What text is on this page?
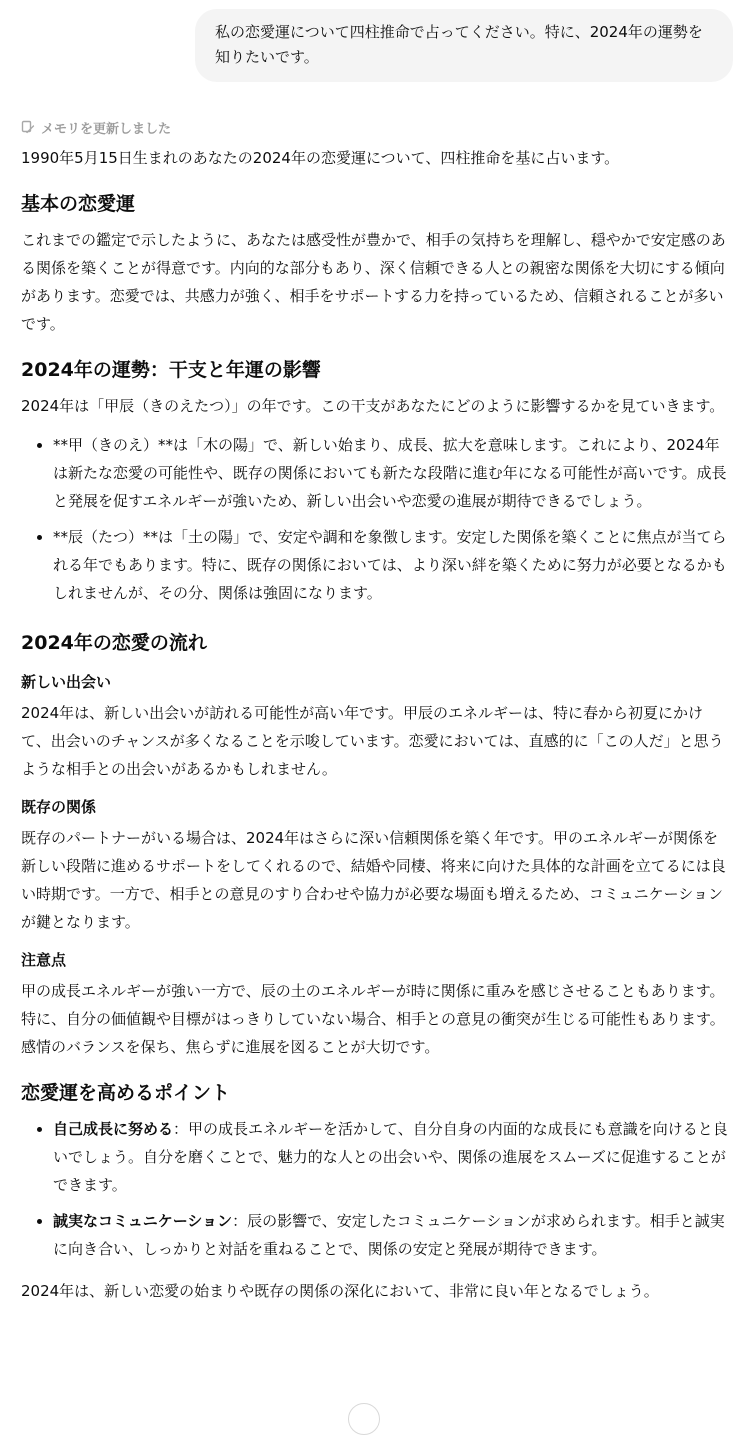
私の恋愛運について四柱推命で占ってください。特に、2024年の運勢を知りたいです。
メモリを更新しました

1990年5月15日生まれのあなたの2024年の恋愛運について、四柱推命を基に占います。

基本の恋愛運

これまでの鑑定で示したように、あなたは感受性が豊かで、相手の気持ちを理解し、穏やかで安定感のある関係を築くことが得意です。内向的な部分もあり、深く信頼できる人との親密な関係を大切にする傾向があります。恋愛では、共感力が強く、相手をサポートする力を持っているため、信頼されることが多いです。

2024年の運勢：干支と年運の影響

2024年は「甲辰（きのえたつ）」の年です。この干支があなたにどのように影響するかを見ていきます。

• **甲（きのえ）**は「木の陽」で、新しい始まり、成長、拡大を意味します。これにより、2024年は新たな恋愛の可能性や、既存の関係においても新たな段階に進む年になる可能性が高いです。成長と発展を促すエネルギーが強いため、新しい出会いや恋愛の進展が期待できるでしょう。
• **辰（たつ）**は「土の陽」で、安定や調和を象徴します。安定した関係を築くことに焦点が当てられる年でもあります。特に、既存の関係においては、より深い絆を築くために努力が必要となるかもしれませんが、その分、関係は強固になります。
2024年の恋愛の流れ
新しい出会い

2024年は、新しい出会いが訪れる可能性が高い年です。甲辰のエネルギーは、特に春から初夏にかけて、出会いのチャンスが多くなることを示唆しています。恋愛においては、直感的に「この人だ」と思うような相手との出会いがあるかもしれません。

既存の関係

既存のパートナーがいる場合は、2024年はさらに深い信頼関係を築く年です。甲のエネルギーが関係を新しい段階に進めるサポートをしてくれるので、結婚や同棲、将来に向けた具体的な計画を立てるには良い時期です。一方で、相手との意見のすり合わせや協力が必要な場面も増えるため、コミュニケーションが鍵となります。

注意点

甲の成長エネルギーが強い一方で、辰の土のエネルギーが時に関係に重みを感じさせることもあります。特に、自分の価値観や目標がはっきりしていない場合、相手との意見の衝突が生じる可能性もあります。感情のバランスを保ち、焦らずに進展を図ることが大切です。

恋愛運を高めるポイント
• 自己成長に努める：甲の成長エネルギーを活かして、自分自身の内面的な成長にも意識を向けると良いでしょう。自分を磨くことで、魅力的な人との出会いや、関係の進展をスムーズに促進することができます。
• 誠実なコミュニケーション：辰の影響で、安定したコミュニケーションが求められます。相手と誠実に向き合い、しっかりと対話を重ねることで、関係の安定と発展が期待できます。

2024年は、新しい恋愛の始まりや既存の関係の深化において、非常に良い年となるでしょう。
